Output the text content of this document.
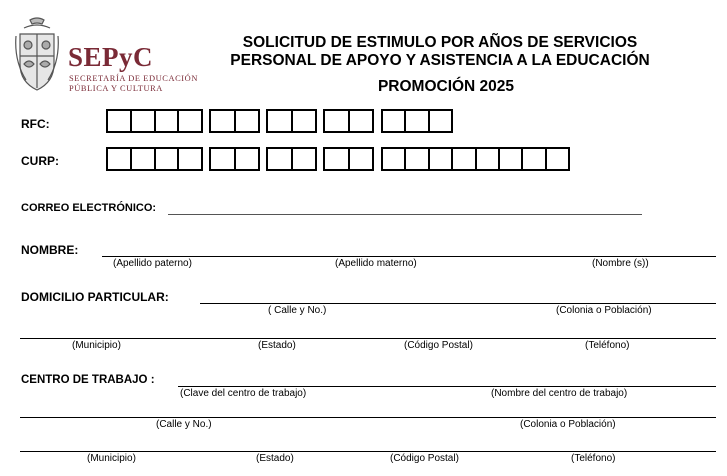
SEPyC
SECRETARÍA DE EDUCACIÓN
PÚBLICA Y CULTURA
SOLICITUD DE ESTIMULO POR AÑOS DE SERVICIOS
PERSONAL DE APOYO Y ASISTENCIA A LA EDUCACIÓN
PROMOCIÓN 2025
RFC:
CURP:
CORREO ELECTRÓNICO:
NOMBRE:
(Apellido paterno)	(Apellido materno)	(Nombre (s))
DOMICILIO PARTICULAR:
( Calle y No.)	(Colonia o Población)
(Municipio)	(Estado)	(Código Postal)	(Teléfono)
CENTRO DE TRABAJO :
(Clave del centro de trabajo)	(Nombre del centro de trabajo)
(Calle y No.)	(Colonia o Población)
(Municipio)	(Estado)	(Código Postal)	(Teléfono)
